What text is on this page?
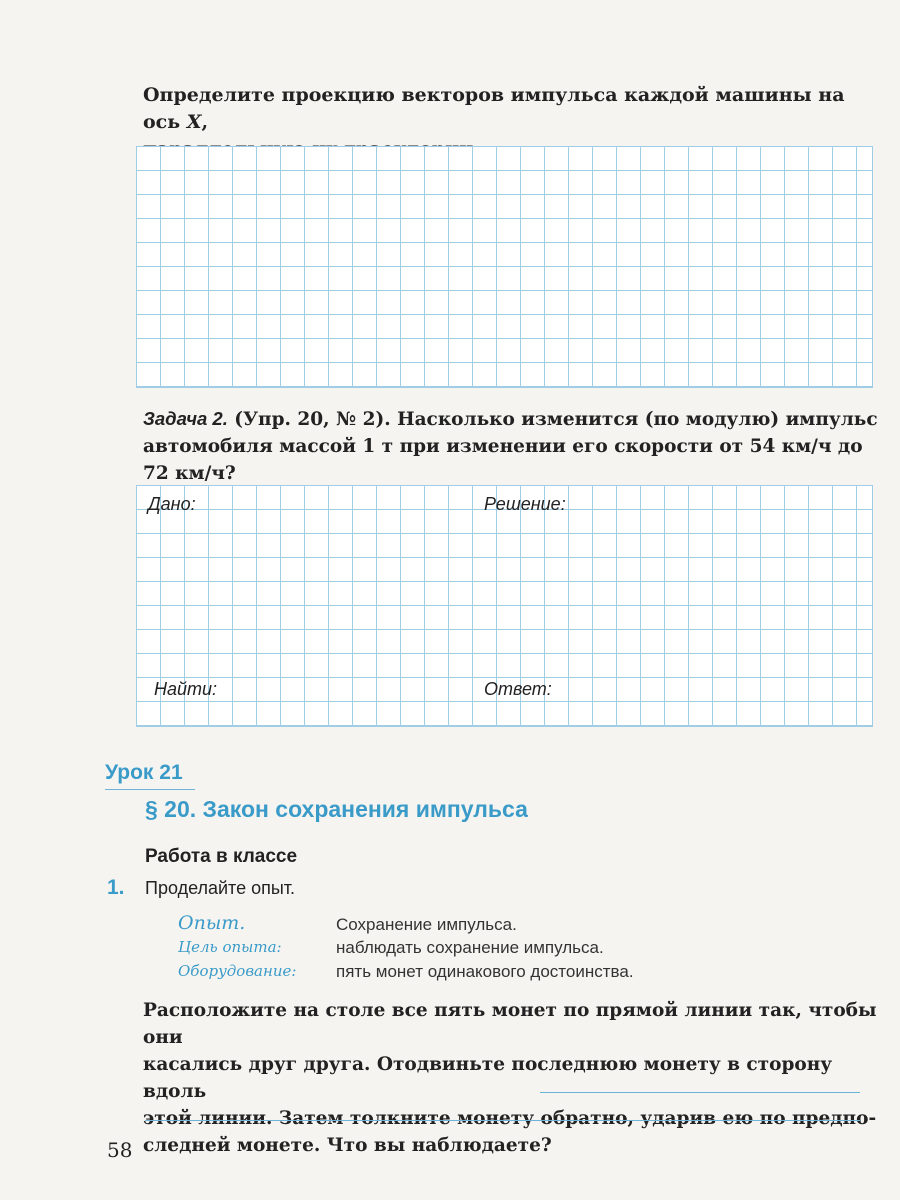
Определите проекцию векторов импульса каждой машины на ось X,
Задача 2. (Упр. 20, № 2). Насколько изменится (по модулю) импульс
автомобиля массой 1 т при изменении его скорости от 54 км/ч до
72 км/ч?
Дано:	Решение:
Найти:	Ответ:
Урок 21
§ 20. Закон сохранения импульса
Работа в классе
1. Проделайте опыт.
Опыт.	Сохранение импульса.
Цель опыта:	наблюдать сохранение импульса.
Оборудование: пять монет одинакового достоинства.
Расположите на столе все пять монет по прямой линии так, чтобы они
касались друг друга. Отодвиньте последнюю монету в сторону вдоль
этой линии. Затем толкните монету обратно, ударив ею по предпо-
следней монете. Что вы наблюдаете?
58
